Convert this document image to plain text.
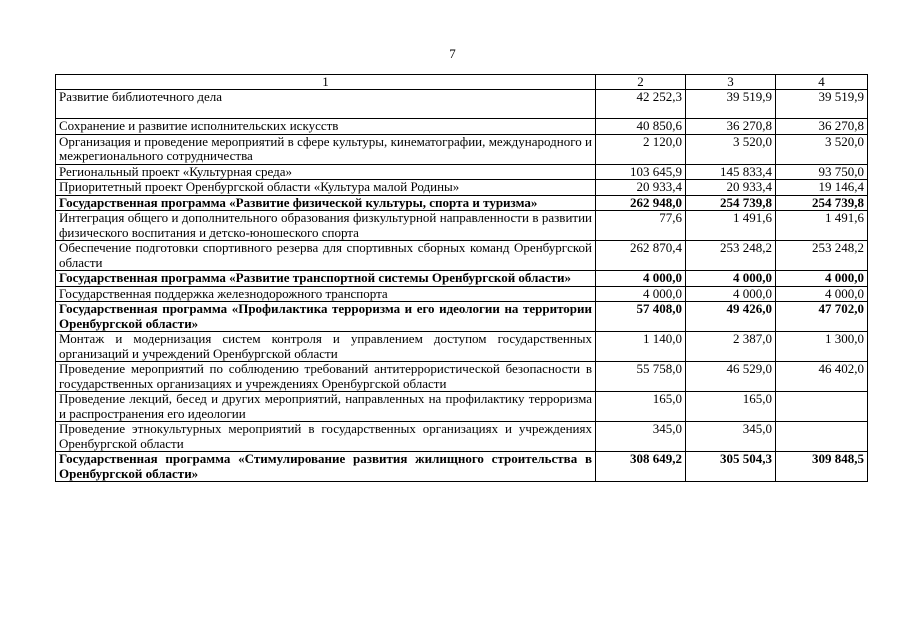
7
1	2	3	4
Развитие библиотечного дела	42 252,3	39 519,9	39 519,9
Сохранение и развитие исполнительских искусств	40 850,6	36 270,8	36 270,8
Организация и проведение мероприятий в сфере культуры, кинематографии, международного и межрегионального сотрудничества	2 120,0	3 520,0	3 520,0
Региональный проект «Культурная среда»	103 645,9	145 833,4	93 750,0
Приоритетный проект Оренбургской области «Культура малой Родины»	20 933,4	20 933,4	19 146,4
Государственная программа «Развитие физической культуры, спорта и туризма»	262 948,0	254 739,8	254 739,8
Интеграция общего и дополнительного образования физкультурной направленности в развитии физического воспитания и детско-юношеского спорта	77,6	1 491,6	1 491,6
Обеспечение подготовки спортивного резерва для спортивных сборных команд Оренбургской области	262 870,4	253 248,2	253 248,2
Государственная программа «Развитие транспортной системы Оренбургской области»	4 000,0	4 000,0	4 000,0
Государственная поддержка железнодорожного транспорта	4 000,0	4 000,0	4 000,0
Государственная программа «Профилактика терроризма и его идеологии на территории Оренбургской области»	57 408,0	49 426,0	47 702,0
Монтаж и модернизация систем контроля и управлением доступом государственных организаций и учреждений Оренбургской области	1 140,0	2 387,0	1 300,0
Проведение мероприятий по соблюдению требований антитеррористической безопасности в государственных организациях и учреждениях Оренбургской области	55 758,0	46 529,0	46 402,0
Проведение лекций, бесед и других мероприятий, направленных на профилактику терроризма и распространения его идеологии	165,0	165,0	
Проведение этнокультурных мероприятий в государственных организациях и учреждениях Оренбургской области	345,0	345,0	
Государственная программа «Стимулирование развития жилищного строительства в Оренбургской области»	308 649,2	305 504,3	309 848,5
